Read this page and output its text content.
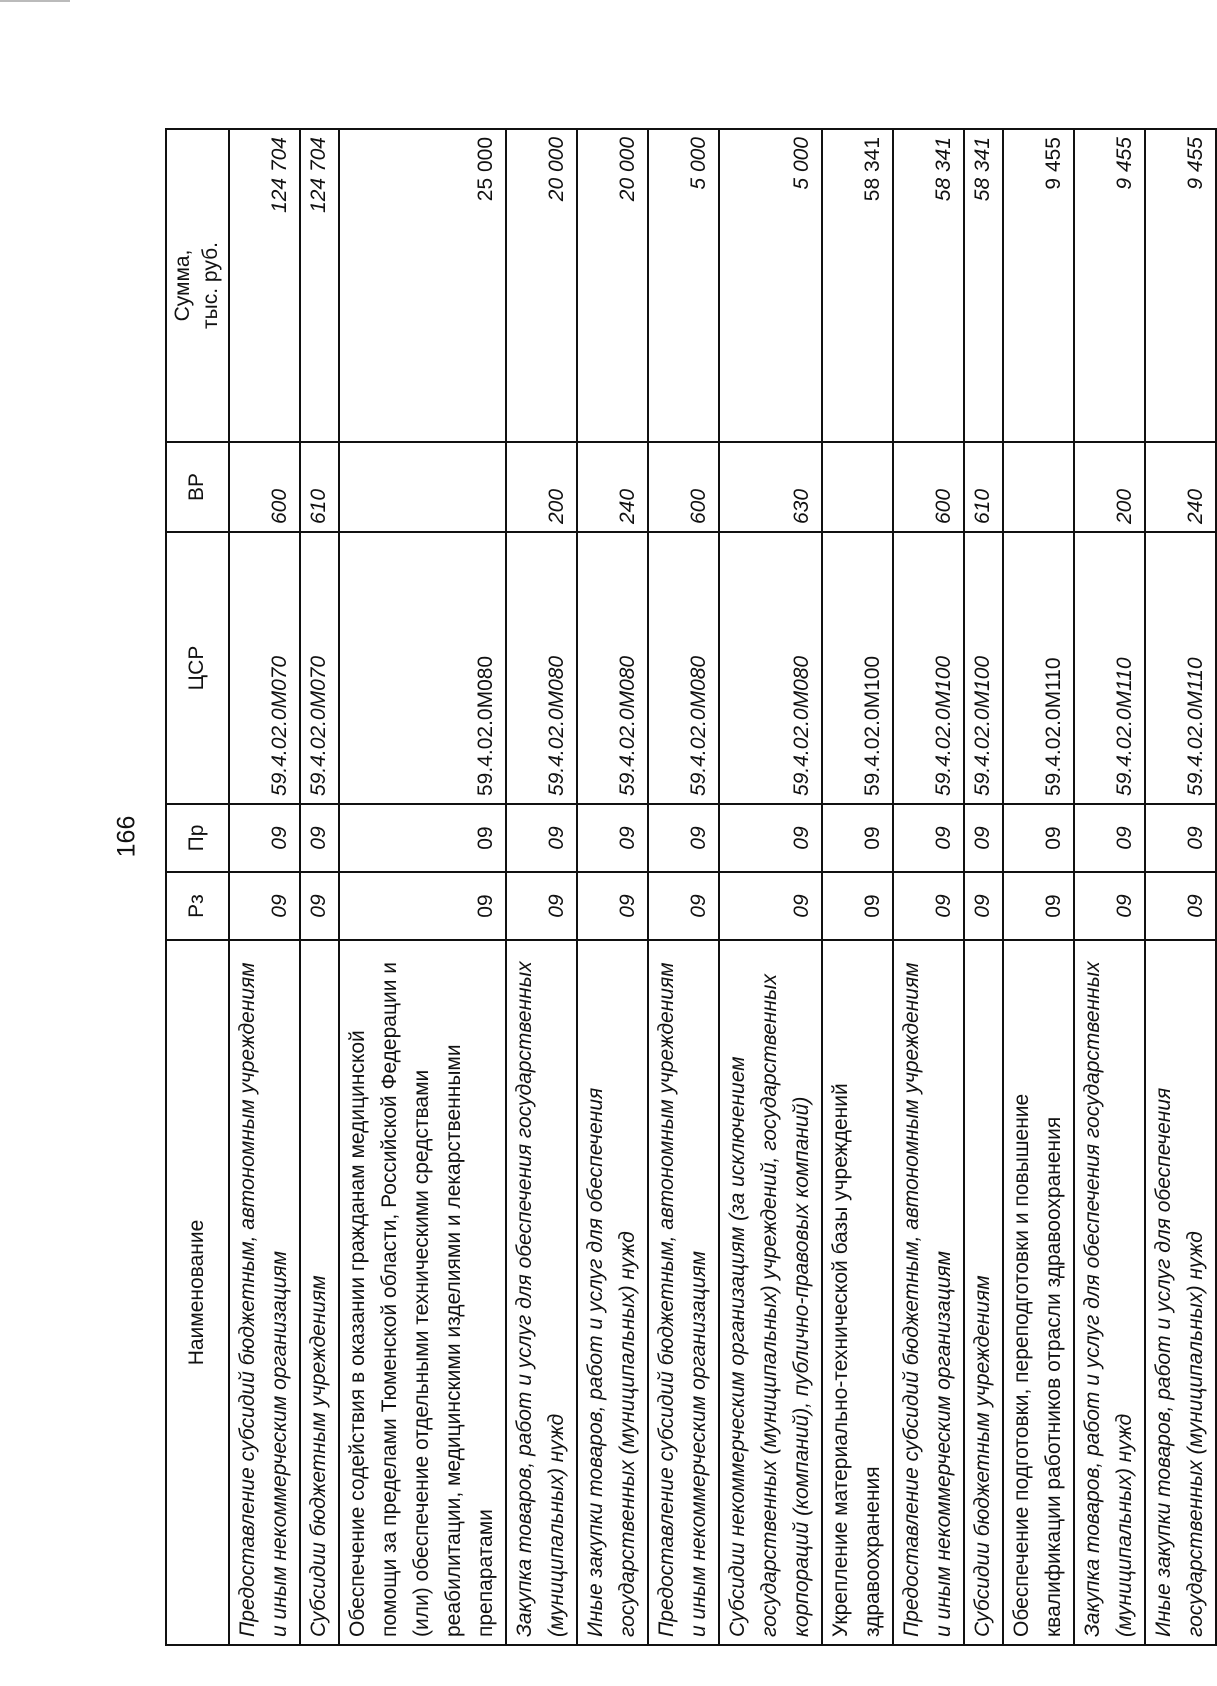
166
Наименование	Рз	Пр	ЦСР	ВР	Сумма, тыс. руб.

Предоставление субсидий бюджетным, автономным учреждениям и иным некоммерческим организациям	09	09	59.4.02.0М070	600	124 704
Субсидии бюджетным учреждениям	09	09	59.4.02.0М070	610	124 704
Обеспечение содействия в оказании гражданам медицинской помощи за пределами Тюменской области, Российской Федерации и (или) обеспечение отдельными техническими средствами реабилитации, медицинскими изделиями и лекарственными препаратами	09	09	59.4.02.0М080		25 000
Закупка товаров, работ и услуг для обеспечения государственных (муниципальных) нужд	09	09	59.4.02.0М080	200	20 000
Иные закупки товаров, работ и услуг для обеспечения государственных (муниципальных) нужд	09	09	59.4.02.0М080	240	20 000
Предоставление субсидий бюджетным, автономным учреждениям и иным некоммерческим организациям	09	09	59.4.02.0М080	600	5 000
Субсидии некоммерческим организациям (за исключением государственных (муниципальных) учреждений, государственных корпораций (компаний), публично-правовых компаний)	09	09	59.4.02.0М080	630	5 000
Укрепление материально-технической базы учреждений здравоохранения	09	09	59.4.02.0М100		58 341
Предоставление субсидий бюджетным, автономным учреждениям и иным некоммерческим организациям	09	09	59.4.02.0М100	600	58 341
Субсидии бюджетным учреждениям	09	09	59.4.02.0М100	610	58 341
Обеспечение подготовки, переподготовки и повышение квалификации работников отрасли здравоохранения	09	09	59.4.02.0М110		9 455
Закупка товаров, работ и услуг для обеспечения государственных (муниципальных) нужд	09	09	59.4.02.0М110	200	9 455
Иные закупки товаров, работ и услуг для обеспечения государственных (муниципальных) нужд	09	09	59.4.02.0М110	240	9 455
